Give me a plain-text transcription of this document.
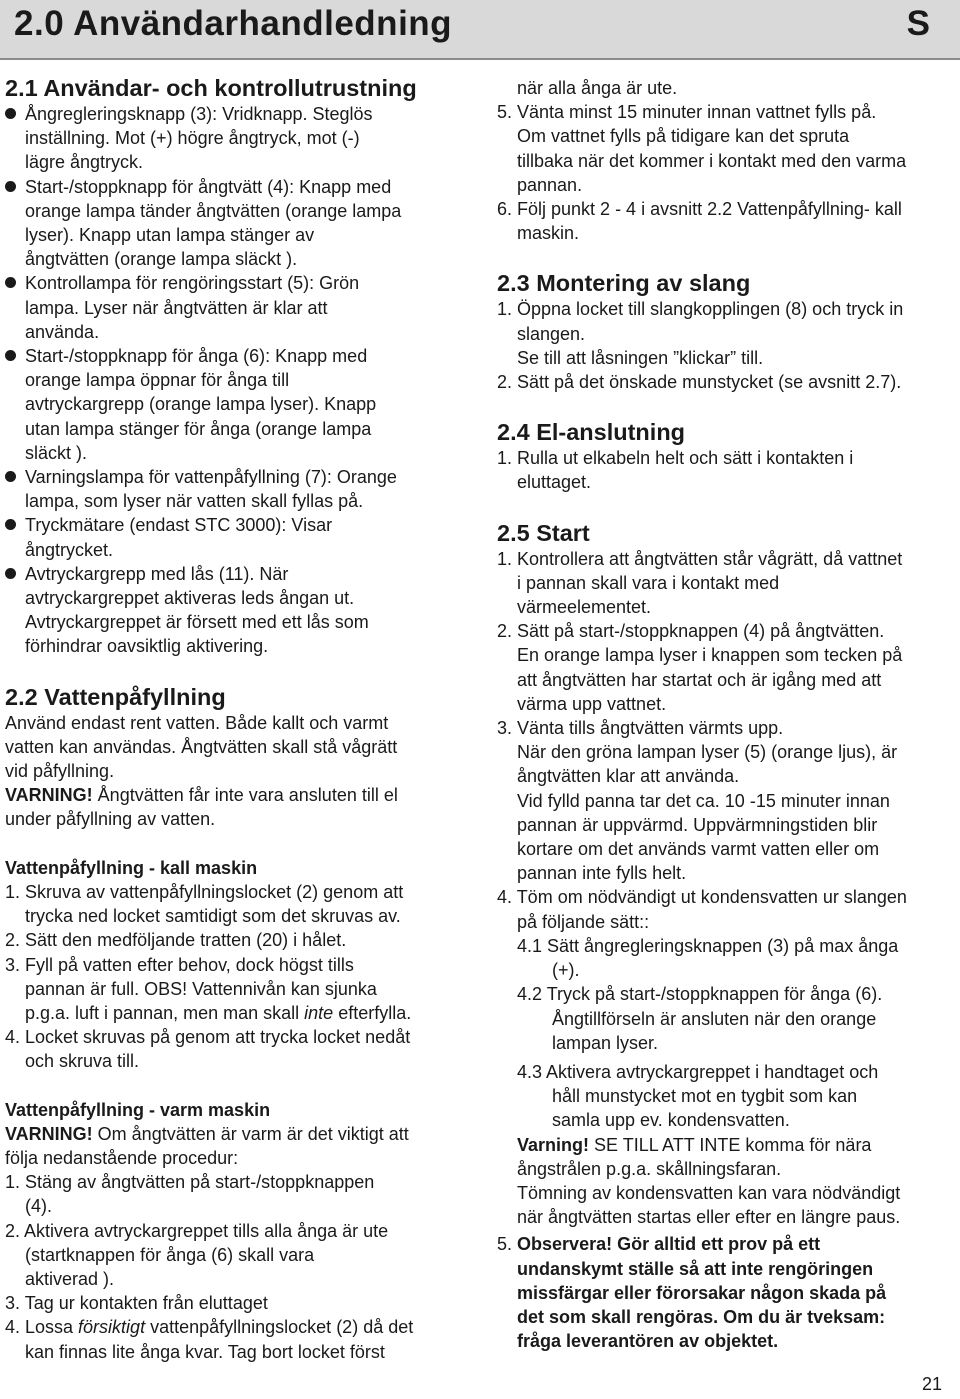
2.0 Användarhandledning	S
2.1 Användar- och kontrollutrustning
Ångregleringsknapp (3): Vridknapp. Steglös
inställning. Mot (+) högre ångtryck, mot (-)
lägre ångtryck.
Start-/stoppknapp för ångtvätt (4): Knapp med
orange lampa tänder ångtvätten (orange lampa
lyser). Knapp utan lampa stänger av
ångtvätten (orange lampa släckt ).
Kontrollampa för rengöringsstart (5): Grön
lampa. Lyser när ångtvätten är klar att
använda.
Start-/stoppknapp för ånga (6): Knapp med
orange lampa öppnar för ånga till
avtryckargrepp (orange lampa lyser). Knapp
utan lampa stänger för ånga (orange lampa
släckt ).
Varningslampa för vattenpåfyllning (7): Orange
lampa, som lyser när vatten skall fyllas på.
Tryckmätare (endast STC 3000): Visar
ångtrycket.
Avtryckargrepp med lås (11). När
avtryckargreppet aktiveras leds ångan ut.
Avtryckargreppet är försett med ett lås som
förhindrar oavsiktlig aktivering.
2.2 Vattenpåfyllning
Använd endast rent vatten. Både kallt och varmt
vatten kan användas. Ångtvätten skall stå vågrätt
vid påfyllning.
VARNING! Ångtvätten får inte vara ansluten till el
under påfyllning av vatten.
Vattenpåfyllning - kall maskin
1. Skruva av vattenpåfyllningslocket (2) genom att
trycka ned locket samtidigt som det skruvas av.
2. Sätt den medföljande tratten (20) i hålet.
3. Fyll på vatten efter behov, dock högst tills
pannan är full. OBS! Vattennivån kan sjunka
p.g.a. luft i pannan, men man skall inte efterfylla.
4. Locket skruvas på genom att trycka locket nedåt
och skruva till.
Vattenpåfyllning - varm maskin
VARNING! Om ångtvätten är varm är det viktigt att
följa nedanstående procedur:
1. Stäng av ångtvätten på start-/stoppknappen
(4).
2. Aktivera avtryckargreppet tills alla ånga är ute
(startknappen för ånga (6) skall vara
aktiverad ).
3. Tag ur kontakten från eluttaget
4. Lossa försiktigt vattenpåfyllningslocket (2) då det
kan finnas lite ånga kvar. Tag bort locket först
när alla ånga är ute.
5. Vänta minst 15 minuter innan vattnet fylls på.
Om vattnet fylls på tidigare kan det spruta
tillbaka när det kommer i kontakt med den varma
pannan.
6. Följ punkt 2 - 4 i avsnitt 2.2 Vattenpåfyllning- kall
maskin.
2.3 Montering av slang
1. Öppna locket till slangkopplingen (8) och tryck in
slangen.
Se till att låsningen ”klickar” till.
2. Sätt på det önskade munstycket (se avsnitt 2.7).
2.4 El-anslutning
1. Rulla ut elkabeln helt och sätt i kontakten i
eluttaget.
2.5 Start
1. Kontrollera att ångtvätten står vågrätt, då vattnet
i pannan skall vara i kontakt med
värmeelementet.
2. Sätt på start-/stoppknappen (4) på ångtvätten.
En orange lampa lyser i knappen som tecken på
att ångtvätten har startat och är igång med att
värma upp vattnet.
3. Vänta tills ångtvätten värmts upp.
När den gröna lampan lyser (5) (orange ljus), är
ångtvätten klar att använda.
Vid fylld panna tar det ca. 10 -15 minuter innan
pannan är uppvärmd. Uppvärmningstiden blir
kortare om det används varmt vatten eller om
pannan inte fylls helt.
4. Töm om nödvändigt ut kondensvatten ur slangen
på följande sätt::
4.1 Sätt ångregleringsknappen (3) på max ånga
(+).
4.2 Tryck på start-/stoppknappen för ånga (6).
Ångtillförseln är ansluten när den orange
lampan lyser.
4.3 Aktivera avtryckargreppet i handtaget och
håll munstycket mot en tygbit som kan
samla upp ev. kondensvatten.
Varning! SE TILL ATT INTE komma för nära
ångstrålen p.g.a. skållningsfaran.
Tömning av kondensvatten kan vara nödvändigt
när ångtvätten startas eller efter en längre paus.
5. Observera! Gör alltid ett prov på ett
undanskymt ställe så att inte rengöringen
missfärgar eller förorsakar någon skada på
det som skall rengöras. Om du är tveksam:
fråga leverantören av objektet.
21
